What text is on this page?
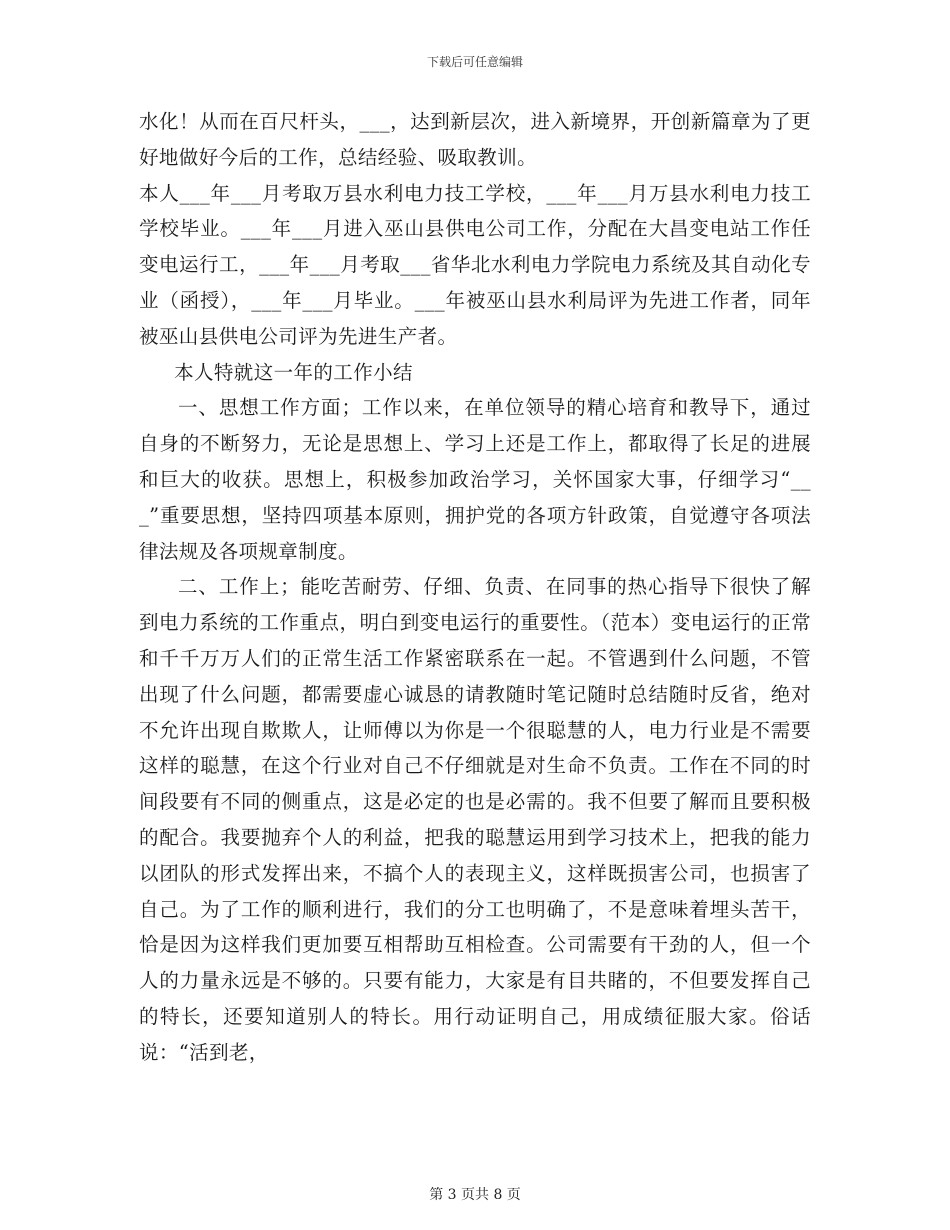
下载后可任意编辑

水化！从而在百尺杆头，___，达到新层次，进入新境界，开创新篇章为了更好地做好今后的工作，总结经验、吸取教训。

本人___年___月考取万县水利电力技工学校，___年___月万县水利电力技工学校毕业。___年___月进入巫山县供电公司工作，分配在大昌变电站工作任变电运行工，___年___月考取___省华北水利电力学院电力系统及其自动化专业（函授），___年___月毕业。___年被巫山县水利局评为先进工作者，同年被巫山县供电公司评为先进生产者。

本人特就这一年的工作小结

一、思想工作方面；工作以来，在单位领导的精心培育和教导下，通过自身的不断努力，无论是思想上、学习上还是工作上，都取得了长足的进展和巨大的收获。思想上，积极参加政治学习，关怀国家大事，仔细学习“___”重要思想，坚持四项基本原则，拥护党的各项方针政策，自觉遵守各项法律法规及各项规章制度。

二、工作上；能吃苦耐劳、仔细、负责、在同事的热心指导下很快了解到电力系统的工作重点，明白到变电运行的重要性。（范本）变电运行的正常和千千万万人们的正常生活工作紧密联系在一起。不管遇到什么问题，不管出现了什么问题，都需要虚心诚恳的请教随时笔记随时总结随时反省，绝对不允许出现自欺欺人，让师傅以为你是一个很聪慧的人，电力行业是不需要这样的聪慧，在这个行业对自己不仔细就是对生命不负责。工作在不同的时间段要有不同的侧重点，这是必定的也是必需的。我不但要了解而且要积极的配合。我要抛弃个人的利益，把我的聪慧运用到学习技术上，把我的能力以团队的形式发挥出来，不搞个人的表现主义，这样既损害公司，也损害了自己。为了工作的顺利进行，我们的分工也明确了，不是意味着埋头苦干，恰是因为这样我们更加要互相帮助互相检查。公司需要有干劲的人，但一个人的力量永远是不够的。只要有能力，大家是有目共睹的，不但要发挥自己的特长，还要知道别人的特长。用行动证明自己，用成绩征服大家。俗话说：“活到老，

第 3 页共 8 页
